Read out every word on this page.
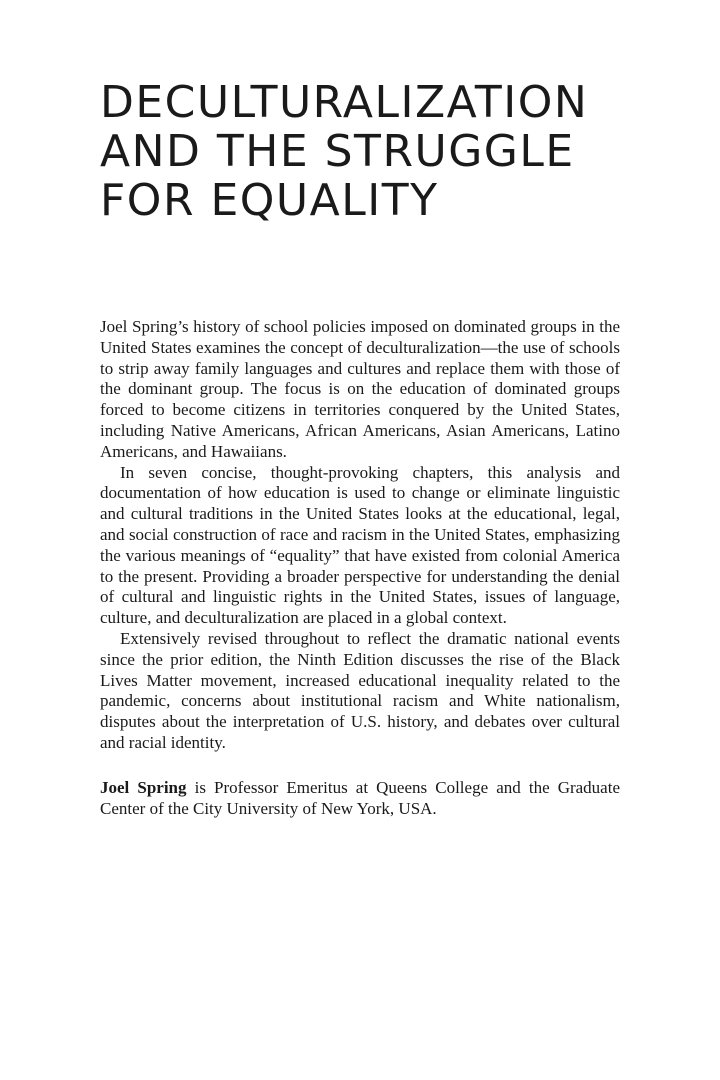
DECULTURALIZATION
AND THE STRUGGLE
FOR EQUALITY

Joel Spring’s history of school policies imposed on dominated groups in the United States examines the concept of deculturalization—the use of schools to strip away family languages and cultures and replace them with those of the dominant group. The focus is on the education of dominated groups forced to become citizens in territories conquered by the United States, including Native Americans, African Americans, Asian Americans, Latino Americans, and Hawaiians.

In seven concise, thought-provoking chapters, this analysis and documentation of how education is used to change or eliminate linguistic and cultural traditions in the United States looks at the educational, legal, and social construction of race and racism in the United States, emphasizing the various meanings of “equality” that have existed from colonial America to the present. Providing a broader perspective for understanding the denial of cultural and linguistic rights in the United States, issues of language, culture, and deculturalization are placed in a global context.

Extensively revised throughout to reflect the dramatic national events since the prior edition, the Ninth Edition discusses the rise of the Black Lives Matter movement, increased educational inequality related to the pandemic, concerns about institutional racism and White nationalism, disputes about the interpretation of U.S. history, and debates over cultural and racial identity.

Joel Spring is Professor Emeritus at Queens College and the Graduate Center of the City University of New York, USA.
